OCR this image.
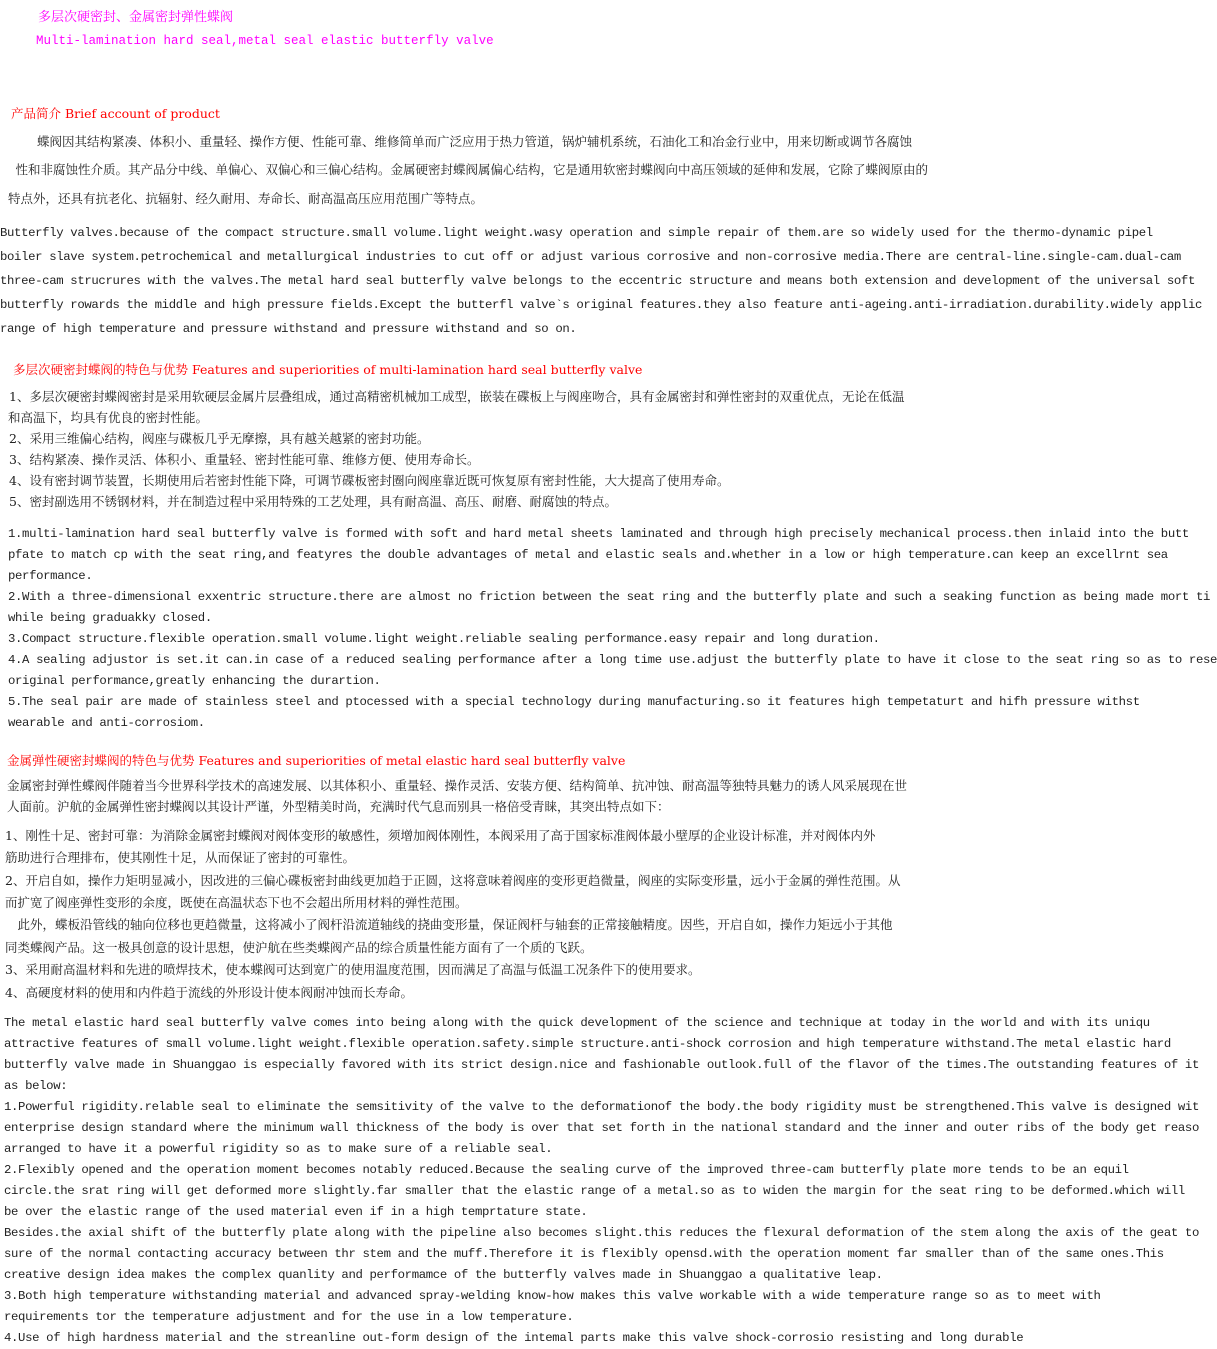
多层次硬密封、金属密封弹性蝶阀
Multi-lamination hard seal,metal seal elastic butterfly valve
产品简介 Brief account of product
　　蝶阀因其结构紧凑、体积小、重量轻、操作方便、性能可靠、维修简单而广泛应用于热力管道，锅炉辅机系统，石油化工和冶金行业中，用来切断或调节各腐蚀
　性和非腐蚀性介质。其产品分中线、单偏心、双偏心和三偏心结构。金属硬密封蝶阀属偏心结构，它是通用软密封蝶阀向中高压领域的延伸和发展，它除了蝶阀原由的
特点外，还具有抗老化、抗辐射、经久耐用、寿命长、耐高温高压应用范围广等特点。
Butterfly valves.because of the compact structure.small volume.light weight.wasy operation and simple repair of them.are so widely used for the thermo-dynamic pipel
boiler slave system.petrochemical and metallurgical industries to cut off or adjust various corrosive and non-corrosive media.There are central-line.single-cam.dual-cam
three-cam strucrures with the valves.The metal hard seal butterfly valve belongs to the eccentric structure and means both extension and development of the universal soft
butterfly rowards the middle and high pressure fields.Except the butterfl valve`s original features.they also feature anti-ageing.anti-irradiation.durability.widely applic
range of high temperature and pressure withstand and pressure withstand and so on.
多层次硬密封蝶阀的特色与优势 Features and superiorities of multi-lamination hard seal butterfly valve
1、多层次硬密封蝶阀密封是采用软硬层金属片层叠组成，通过高精密机械加工成型，嵌装在碟板上与阀座吻合，具有金属密封和弹性密封的双重优点，无论在低温
和高温下，均具有优良的密封性能。
2、采用三维偏心结构，阀座与碟板几乎无摩擦，具有越关越紧的密封功能。
3、结构紧凑、操作灵活、体积小、重量轻、密封性能可靠、维修方便、使用寿命长。
4、设有密封调节装置，长期使用后若密封性能下降，可调节碟板密封圈向阀座靠近既可恢复原有密封性能，大大提高了使用寿命。
5、密封副选用不锈钢材料，并在制造过程中采用特殊的工艺处理，具有耐高温、高压、耐磨、耐腐蚀的特点。
1.multi-lamination hard seal butterfly valve is formed with soft and hard metal sheets laminated and through high precisely mechanical process.then inlaid into the butt
pfate to match cp with the seat ring,and featyres the double advantages of metal and elastic seals and.whether in a low or high temperature.can keep an excellrnt sea
performance.
2.With a three-dimensional exxentric structure.there are almost no friction between the seat ring and the butterfly plate and such a seaking function as being made mort ti
while being graduakky closed.
3.Compact structure.flexible operation.small volume.light weight.reliable sealing performance.easy repair and long duration.
4.A sealing adjustor is set.it can.in case of a reduced sealing performance after a long time use.adjust the butterfly plate to have it close to the seat ring so as to rese
original performance,greatly enhancing the durartion.
5.The seal pair are made of stainless steel and ptocessed with a special technology during manufacturing.so it features high tempetaturt and hifh pressure withst
wearable and anti-corrosiom.
金属弹性硬密封蝶阀的特色与优势 Features and superiorities of metal elastic hard seal butterfly valve
金属密封弹性蝶阀伴随着当今世界科学技术的高速发展、以其体积小、重量轻、操作灵活、安装方便、结构简单、抗冲蚀、耐高温等独特具魅力的诱人风采展现在世
人面前。沪航的金属弹性密封蝶阀以其设计严谨，外型精美时尚，充满时代气息而别具一格倍受青睐，其突出特点如下：
1、刚性十足、密封可靠：为消除金属密封蝶阀对阀体变形的敏感性，须增加阀体刚性，本阀采用了高于国家标准阀体最小壁厚的企业设计标准，并对阀体内外
筋助进行合理排布，使其刚性十足，从而保证了密封的可靠性。
2、开启自如，操作力矩明显减小，因改进的三偏心碟板密封曲线更加趋于正圆，这将意味着阀座的变形更趋微量，阀座的实际变形量，远小于金属的弹性范围。从
而扩宽了阀座弹性变形的余度，既使在高温状态下也不会超出所用材料的弹性范围。
　此外，蝶板沿管线的轴向位移也更趋微量，这将减小了阀杆沿流道轴线的挠曲变形量，保证阀杆与轴套的正常接触精度。因些，开启自如，操作力矩远小于其他
同类蝶阀产品。这一极具创意的设计思想，使沪航在些类蝶阀产品的综合质量性能方面有了一个质的飞跃。
3、采用耐高温材料和先进的喷焊技术，使本蝶阀可达到宽广的使用温度范围，因而满足了高温与低温工况条件下的使用要求。
4、高硬度材料的使用和内件趋于流线的外形设计使本阀耐冲蚀而长寿命。
The metal elastic hard seal butterfly valve comes into being along with the quick development of the science and technique at today in the world and with its uniqu
attractive features of small volume.light weight.flexible operation.safety.simple structure.anti-shock corrosion and high temperature withstand.The metal elastic hard
butterfly valve made in Shuanggao is especially favored with its strict design.nice and fashionable outlook.full of the flavor of the times.The outstanding features of it
as below:
1.Powerful rigidity.relable seal to eliminate the semsitivity of the valve to the deformationof the body.the body rigidity must be strengthened.This valve is designed wit
enterprise design standard where the minimum wall thickness of the body is over that set forth in the national standard and the inner and outer ribs of the body get reaso
arranged to have it a powerful rigidity so as to make sure of a reliable seal.
2.Flexibly opened and the operation moment becomes notably reduced.Because the sealing curve of the improved three-cam butterfly plate more tends to be an equil
circle.the srat ring will get deformed more slightly.far smaller that the elastic range of a metal.so as to widen the margin for the seat ring to be deformed.which will
be over the elastic range of the used material even if in a high temprtature state.
Besides.the axial shift of the butterfly plate along with the pipeline also becomes slight.this reduces the flexural deformation of the stem along the axis of the geat to
sure of the normal contacting accuracy between thr stem and the muff.Therefore it is flexibly opensd.with the operation moment far smaller than of the same ones.This
creative design idea makes the complex quanlity and performamce of the butterfly valves made in Shuanggao a qualitative leap.
3.Both high temperature withstanding material and advanced spray-welding know-how makes this valve workable with a wide temperature range so as to meet with
requirements tor the temperature adjustment and for the use in a low temperature.
4.Use of high hardness material and the streanline out-form design of the intemal parts make this valve shock-corrosio resisting and long durable
